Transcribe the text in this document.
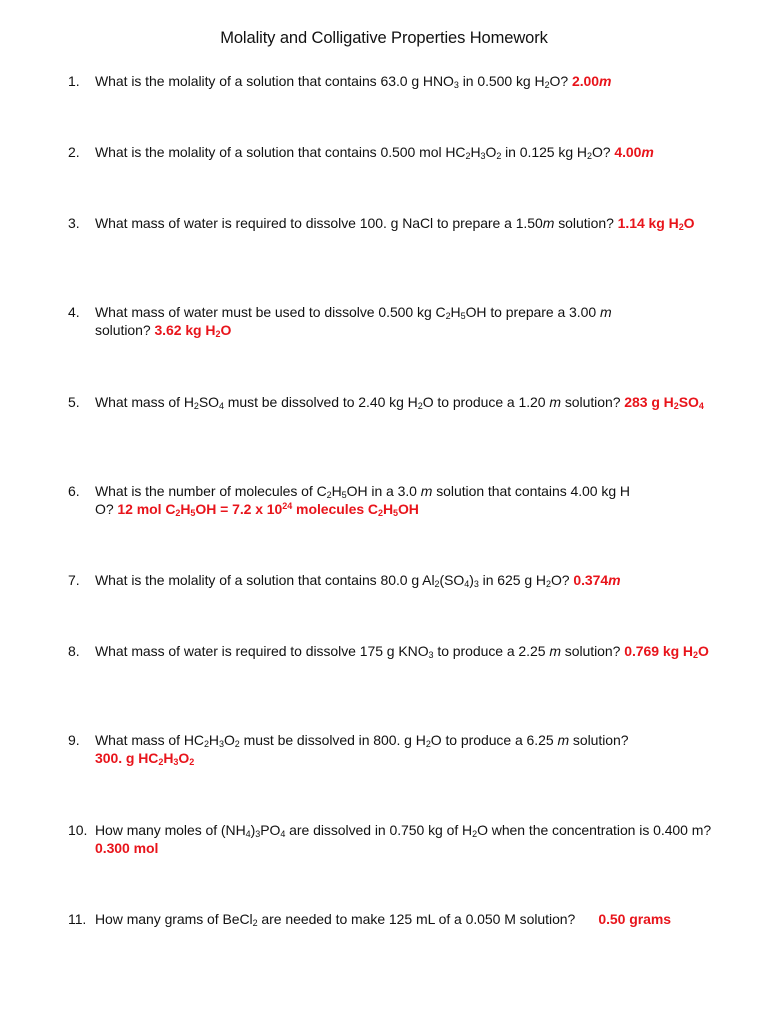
Molality and Colligative Properties Homework
1. What is the molality of a solution that contains 63.0 g $HNO_3$ in 0.500 kg $H_2O$? 2.00m
2. What is the molality of a solution that contains 0.500 mol $HC_2H_3O_2$ in 0.125 kg $H_2O$? 4.00m
3. What mass of water is required to dissolve 100. g NaCl to prepare a 1.50m solution? 1.14 kg $H_2O$
4. What mass of water must be used to dissolve 0.500 kg $C_2H_5OH$ to prepare a 3.00 m
solution? 3.62 kg $H_2O$
5. What mass of $H_2SO_4$ must be dissolved to 2.40 kg $H_2O$ to produce a 1.20 m solution? 283 g $H_2SO_4$
6. What is the number of molecules of $C_2H_5OH$ in a 3.0 m solution that contains 4.00 kg H
O? 12 mol $C_2H_5OH = 7.2$ x $10^{24}$ molecules $C_2H_5OH$
7. What is the molality of a solution that contains 80.0 g $Al_2(SO_4)_3$ in 625 g $H_2O$? 0.374m
8. What mass of water is required to dissolve 175 g $KNO_3$ to produce a 2.25 m solution? 0.769 kg $H_2O$
9. What mass of $HC_2H_3O_2$ must be dissolved in 800. g $H_2O$ to produce a 6.25 m solution?
300. g $HC_2H_3O_2$
10. How many moles of $(NH_4)_3PO_4$ are dissolved in 0.750 kg of $H_2O$ when the concentration is 0.400 m? 0.300 mol
11. How many grams of BeCl$_2$ are needed to make 125 mL of a 0.050 M solution?      0.50 grams
